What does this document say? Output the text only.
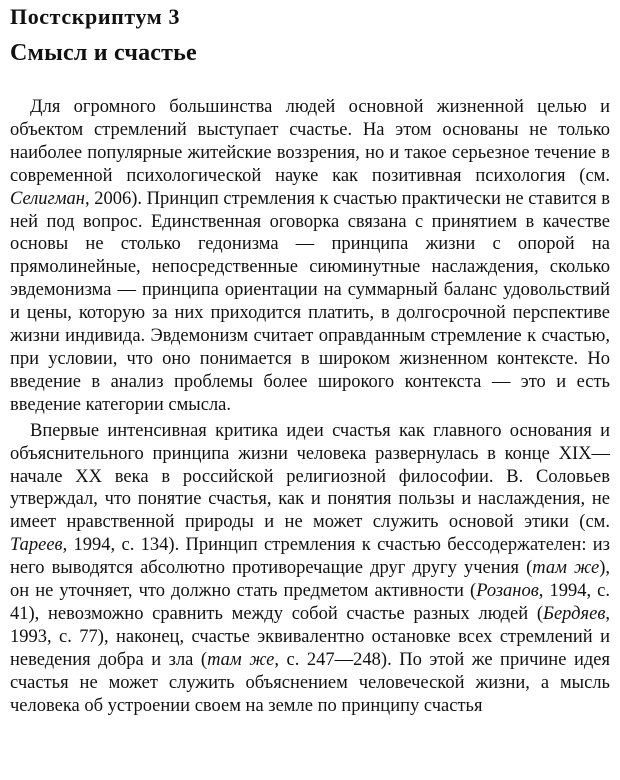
Постскриптум 3
Смысл и счастье

Для огромного большинства людей основной жизненной целью и объектом стремлений выступает счастье. На этом основаны не только наиболее популярные житейские воззрения, но и такое серьезное течение в современной психологической науке как позитивная психология (см. Селигман, 2006). Принцип стремления к счастью практически не ставится в ней под вопрос. Единственная оговорка связана с принятием в качестве основы не столько гедонизма — принципа жизни с опорой на прямолинейные, непосредственные сиюминутные наслаждения, сколько эвдемонизма — принципа ориентации на суммарный баланс удовольствий и цены, которую за них приходится платить, в долгосрочной перспективе жизни индивида. Эвдемонизм считает оправданным стремление к счастью, при условии, что оно понимается в широком жизненном контексте. Но введение в анализ проблемы более широкого контекста — это и есть введение категории смысла.

Впервые интенсивная критика идеи счастья как главного основания и объяснительного принципа жизни человека развернулась в конце XIX—начале XX века в российской религиозной философии. В. Соловьев утверждал, что понятие счастья, как и понятия пользы и наслаждения, не имеет нравственной природы и не может служить основой этики (см. Тареев, 1994, с. 134). Принцип стремления к счастью бессодержателен: из него выводятся абсолютно противоречащие друг другу учения (там же), он не уточняет, что должно стать предметом активности (Розанов, 1994, с. 41), невозможно сравнить между собой счастье разных людей (Бердяев, 1993, с. 77), наконец, счастье эквивалентно остановке всех стремлений и неведения добра и зла (там же, с. 247—248). По этой же причине идея счастья не может служить объяснением человеческой жизни, а мысль человека об устроении своем на земле по принципу счастья
